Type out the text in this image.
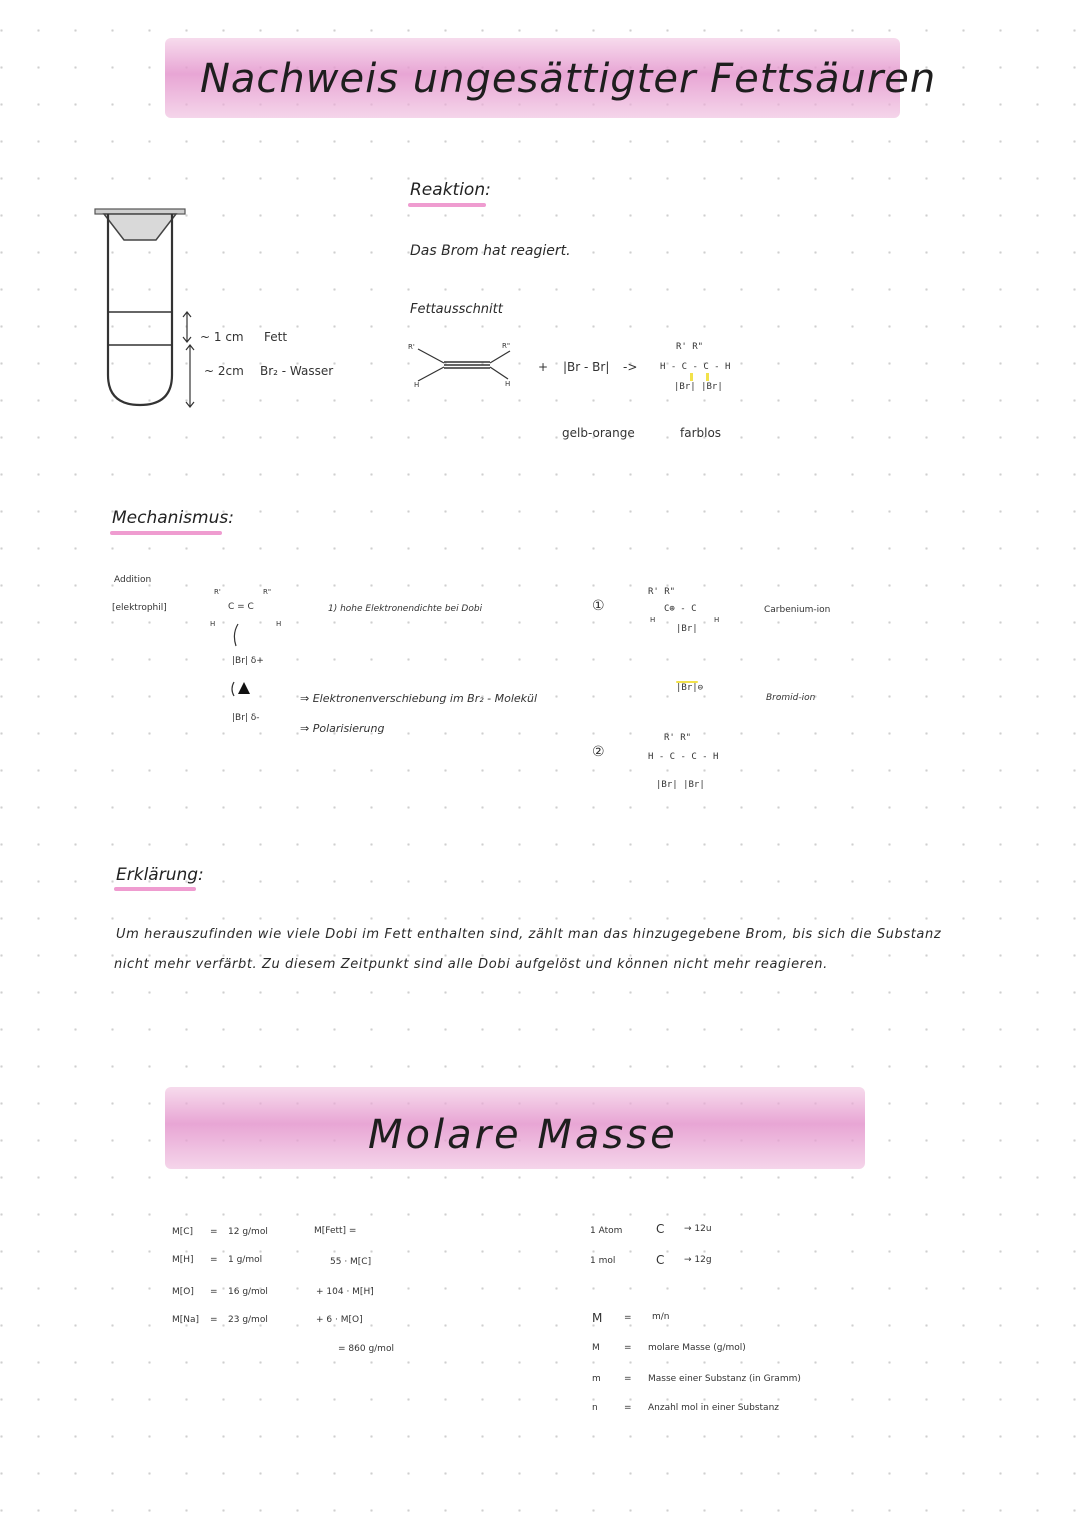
Nachweis ungesättigter Fettsäuren
~ 1 cm Fett
~ 2cm Br₂ - Wasser
Reaktion:
Das Brom hat reagiert.
Fettausschnitt
R'	R"
H	H
+ |Br - Br| ->
R' R"
H - C - C - H
|Br| |Br|
gelb-orange	farblos
Mechanismus:
Addition
[elektrophil]
R'	R"
C = C
H	H
|Br| δ+
|Br| δ-
1) hohe Elektronendichte bei Dobi
⇒ Elektronenverschiebung im Br₂ - Molekül
⇒ Polarisierung
①
R' R"
C⊕ - C
H	H
|Br|
Carbenium-ion
|Br|⊖
Bromid-ion
②
R' R"
H - C - C - H
|Br| |Br|
Erklärung:
Um herauszufinden wie viele Dobi im Fett enthalten sind, zählt man das hinzugegebene Brom, bis sich die Substanz
nicht mehr verfärbt. Zu diesem Zeitpunkt sind alle Dobi aufgelöst und können nicht mehr reagieren.
Molare Masse
M[C] = 12 g/mol
M[H] = 1 g/mol
M[O] = 16 g/mol
M[Na] = 23 g/mol
M[Fett] =
55 · M[C]
+ 104 · M[H]
+ 6 · M[O]
= 860 g/mol
1 Atom	C → 12u
1 mol	C → 12g
M = m/n
M	= molare Masse (g/mol)
m	= Masse einer Substanz (in Gramm)
n	= Anzahl mol in einer Substanz
